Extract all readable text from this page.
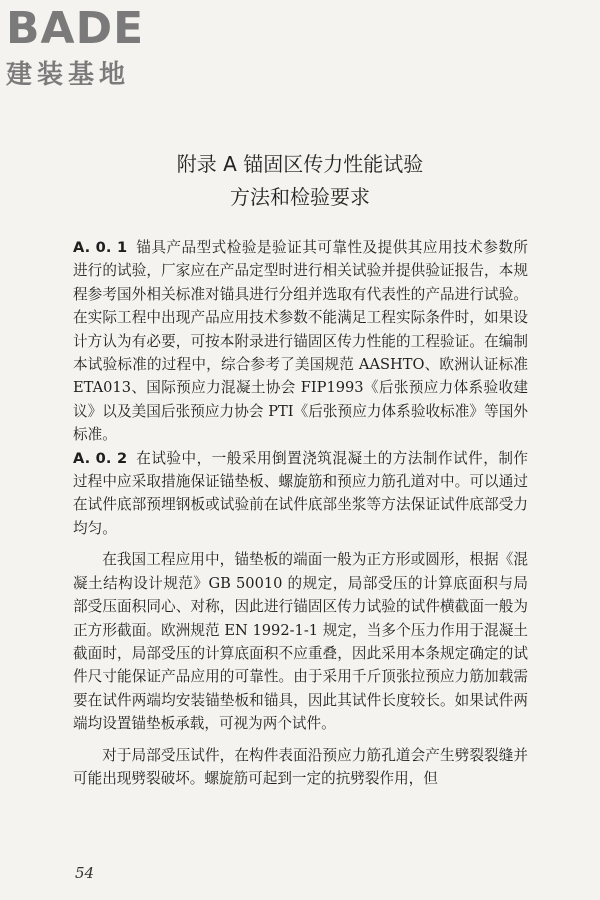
BADE
建装基地
附录 A 锚固区传力性能试验
方法和检验要求

A. 0. 1 锚具产品型式检验是验证其可靠性及提供其应用技术参数所进行的试验，厂家应在产品定型时进行相关试验并提供验证报告，本规程参考国外相关标准对锚具进行分组并选取有代表性的产品进行试验。在实际工程中出现产品应用技术参数不能满足工程实际条件时，如果设计方认为有必要，可按本附录进行锚固区传力性能的工程验证。在编制本试验标准的过程中，综合参考了美国规范 AASHTO、欧洲认证标准 ETA013、国际预应力混凝土协会 FIP1993《后张预应力体系验收建议》以及美国后张预应力协会 PTI《后张预应力体系验收标准》等国外标准。

A. 0. 2 在试验中，一般采用倒置浇筑混凝土的方法制作试件，制作过程中应采取措施保证锚垫板、螺旋筋和预应力筋孔道对中。可以通过在试件底部预埋钢板或试验前在试件底部坐浆等方法保证试件底部受力均匀。

在我国工程应用中，锚垫板的端面一般为正方形或圆形，根据《混凝土结构设计规范》GB 50010 的规定，局部受压的计算底面积与局部受压面积同心、对称，因此进行锚固区传力试验的试件横截面一般为正方形截面。欧洲规范 EN 1992-1-1 规定，当多个压力作用于混凝土截面时，局部受压的计算底面积不应重叠，因此采用本条规定确定的试件尺寸能保证产品应用的可靠性。由于采用千斤顶张拉预应力筋加载需要在试件两端均安装锚垫板和锚具，因此其试件长度较长。如果试件两端均设置锚垫板承载，可视为两个试件。

对于局部受压试件，在构件表面沿预应力筋孔道会产生劈裂裂缝并可能出现劈裂破坏。螺旋筋可起到一定的抗劈裂作用，但

54
